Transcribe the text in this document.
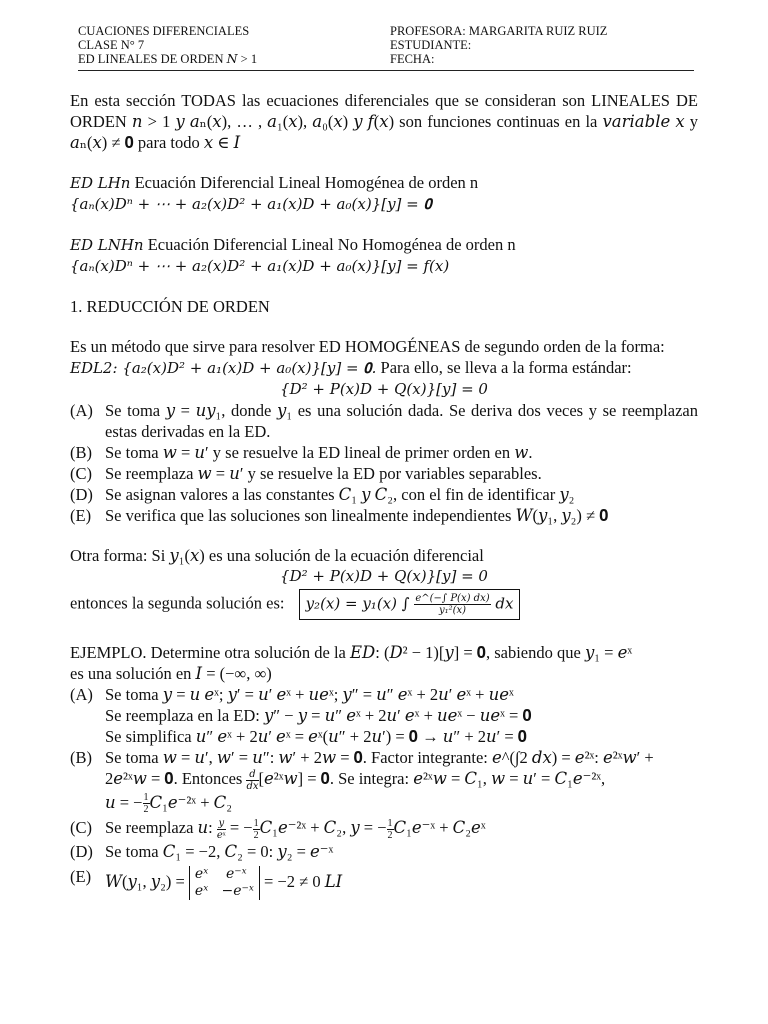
CUACIONES DIFERENCIALES
CLASE N° 7
ED LINEALES DE ORDEN 𝑁 > 1
PROFESORA: MARGARITA RUIZ RUIZ
ESTUDIANTE:
FECHA:

En esta sección TODAS las ecuaciones diferenciales que se consideran son LINEALES DE ORDEN 𝑛 > 1 𝑦 𝑎ₙ(𝑥), … , 𝑎₁(𝑥), 𝑎₀(𝑥) 𝑦 𝑓(𝑥) son funciones continuas en la 𝑣𝑎𝑟𝑖𝑎𝑏𝑙𝑒 𝑥 y 𝑎ₙ(𝑥) ≠ 𝟎 para todo 𝑥 ∈ 𝐼

𝐸𝐷 𝐿𝐻𝑛 Ecuación Diferencial Lineal Homogénea de orden n
{𝑎ₙ(𝑥)𝐷ⁿ + ⋯ + 𝑎₂(𝑥)𝐷² + 𝑎₁(𝑥)𝐷 + 𝑎₀(𝑥)}[𝑦] = 𝟎
𝐸𝐷 𝐿𝑁𝐻𝑛 Ecuación Diferencial Lineal No Homogénea de orden n
{𝑎ₙ(𝑥)𝐷ⁿ + ⋯ + 𝑎₂(𝑥)𝐷² + 𝑎₁(𝑥)𝐷 + 𝑎₀(𝑥)}[𝑦] = 𝑓(𝑥)
1. REDUCCIÓN DE ORDEN
Es un método que sirve para resolver ED HOMOGÉNEAS de segundo orden de la forma:
𝐸𝐷𝐿2: {𝑎₂(𝑥)𝐷² + 𝑎₁(𝑥)𝐷 + 𝑎₀(𝑥)}[𝑦] = 𝟎. Para ello, se lleva a la forma estándar:
{𝐷² + 𝑃(𝑥)𝐷 + 𝑄(𝑥)}[𝑦] = 0
(A) Se toma 𝑦 = 𝑢𝑦₁, donde 𝑦₁ es una solución dada. Se deriva dos veces y se reemplazan estas derivadas en la ED.
(B) Se toma 𝑤 = 𝑢′ y se resuelve la ED lineal de primer orden en 𝑤.
(C) Se reemplaza 𝑤 = 𝑢′ y se resuelve la ED por variables separables.
(D) Se asignan valores a las constantes 𝐶₁ 𝑦 𝐶₂, con el fin de identificar 𝑦₂
(E) Se verifica que las soluciones son linealmente independientes 𝑊(𝑦₁, 𝑦₂) ≠ 𝟎
Otra forma: Si 𝑦₁(𝑥) es una solución de la ecuación diferencial
{𝐷² + 𝑃(𝑥)𝐷 + 𝑄(𝑥)}[𝑦] = 0
entonces la segunda solución es: 𝑦₂(𝑥) = 𝑦₁(𝑥) ∫ $\frac{\text{𝑒\textasciicircum{}(−∫ 𝑃(𝑥) 𝑑𝑥)}}{\text{𝑦₁²(𝑥)}}$ 𝑑𝑥
EJEMPLO. Determine otra solución de la 𝐸𝐷: (𝐷² − 1)[𝑦] = 𝟎, sabiendo que 𝑦₁ = 𝑒ˣ
es una solución en 𝐼 = (−∞, ∞)
(A) Se toma 𝑦 = 𝑢 𝑒ˣ; 𝑦′ = 𝑢′ 𝑒ˣ + 𝑢𝑒ˣ; 𝑦″ = 𝑢″ 𝑒ˣ + 2𝑢′ 𝑒ˣ + 𝑢𝑒ˣ
Se reemplaza en la ED: 𝑦″ − 𝑦 = 𝑢″ 𝑒ˣ + 2𝑢′ 𝑒ˣ + 𝑢𝑒ˣ − 𝑢𝑒ˣ = 𝟎
Se simplifica 𝑢″ 𝑒ˣ + 2𝑢′ 𝑒ˣ = 𝑒ˣ(𝑢″ + 2𝑢′) = 𝟎 → 𝑢″ + 2𝑢′ = 𝟎
(B) Se toma 𝑤 = 𝑢′, 𝑤′ = 𝑢″: 𝑤′ + 2𝑤 = 𝟎. Factor integrante: 𝑒^(∫2 𝑑𝑥) = 𝑒²ˣ: 𝑒²ˣ𝑤′ +
2𝑒²ˣ𝑤 = 𝟎. Entonces $\frac{\text{𝑑}}{\text{𝑑𝑥}}$ [𝑒²ˣ𝑤] = 𝟎. Se integra: 𝑒²ˣ𝑤 = 𝐶₁, 𝑤 = 𝑢′ = 𝐶₁𝑒⁻²ˣ,
𝑢 = − $\frac{1}{2}$ 𝐶₁𝑒⁻²ˣ + 𝐶₂
(C) Se reemplaza 𝑢: $\frac{\text{𝑦}}{\text{𝑒ˣ}}$ = − $\frac{1}{2}$ 𝐶₁𝑒⁻²ˣ + 𝐶₂, 𝑦 = − $\frac{1}{2}$ 𝐶₁𝑒⁻ˣ + 𝐶₂𝑒ˣ
(D) Se toma 𝐶₁ = −2, 𝐶₂ = 0: 𝑦₂ = 𝑒⁻ˣ
(E) 𝑊(𝑦₁, 𝑦₂) = 𝑒ˣ 𝑒⁻ˣ
𝑒ˣ −𝑒⁻ˣ = −2 ≠ 0 𝐿𝐼
